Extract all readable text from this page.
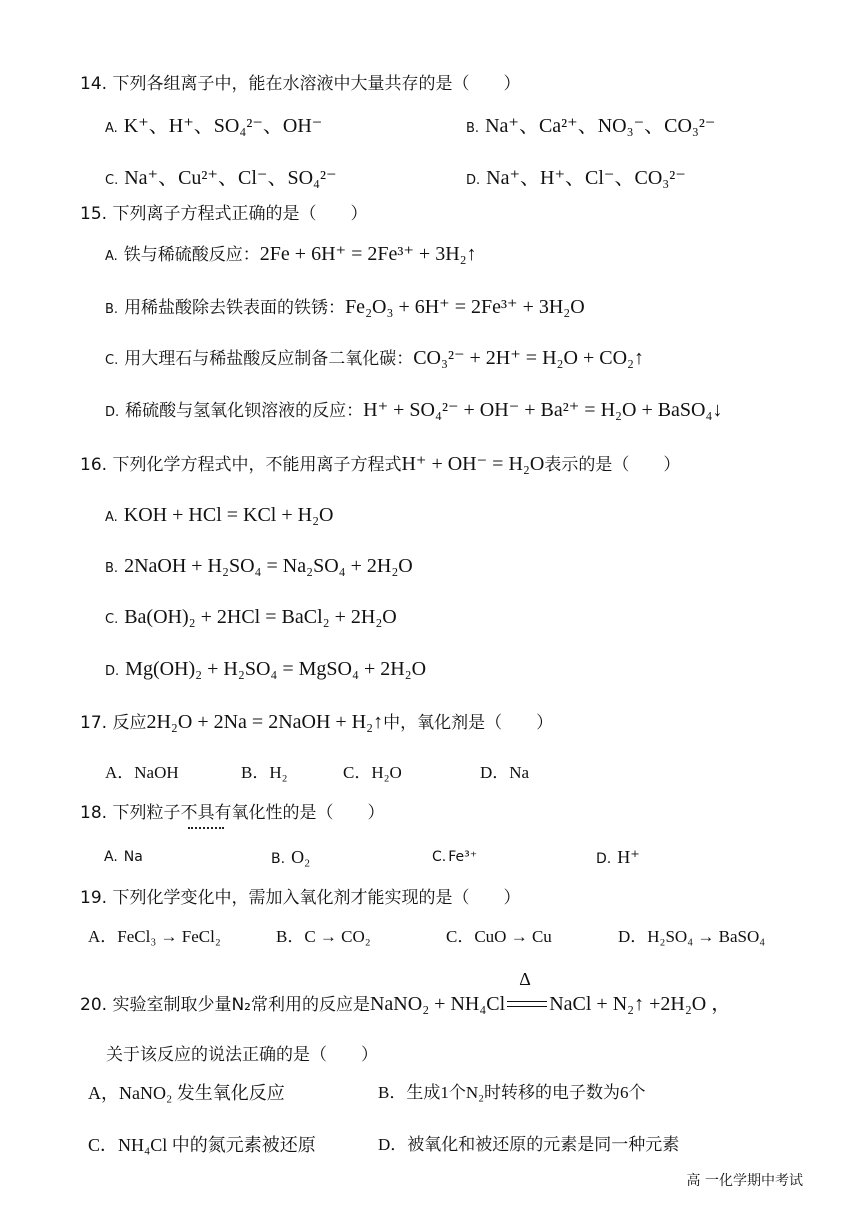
14. 下列各组离子中，能在水溶液中大量共存的是（　　）
A. K⁺、H⁺、SO₄²⁻、OH⁻	B. Na⁺、Ca²⁺、NO₃⁻、CO₃²⁻
C. Na⁺、Cu²⁺、Cl⁻、SO₄²⁻	D. Na⁺、H⁺、Cl⁻、CO₃²⁻
15. 下列离子方程式正确的是（　　）
A. 铁与稀硫酸反应：2Fe + 6H⁺ = 2Fe³⁺ + 3H₂↑
B. 用稀盐酸除去铁表面的铁锈：Fe₂O₃ + 6H⁺ = 2Fe³⁺ + 3H₂O
C. 用大理石与稀盐酸反应制备二氧化碳：CO₃²⁻ + 2H⁺ = H₂O + CO₂↑
D. 稀硫酸与氢氧化钡溶液的反应：H⁺ + SO₄²⁻ + OH⁻ + Ba²⁺ = H₂O + BaSO₄↓
16. 下列化学方程式中，不能用离子方程式H⁺ + OH⁻ = H₂O表示的是（　　）
A. KOH + HCl = KCl + H₂O
B. 2NaOH + H₂SO₄ = Na₂SO₄ + 2H₂O
C. Ba(OH)₂ + 2HCl = BaCl₂ + 2H₂O
D. Mg(OH)₂ + H₂SO₄ = MgSO₄ + 2H₂O
17. 反应2H₂O + 2Na = 2NaOH + H₂↑中，氧化剂是（　　）
A．NaOH	B．H₂	C．H₂O	D．Na
18. 下列粒子不具有氧化性的是（　　）
A. Na	B. O₂	C. Fe³⁺	D. H⁺
19. 下列化学变化中，需加入氧化剂才能实现的是（　　）
A．FeCl₃ → FeCl₂	B．C → CO₂	C．CuO → Cu	D．H₂SO₄ → BaSO₄
20. 实验室制取少量N₂常利用的反应是NaNO₂ + NH₄Cl
Δ
NaCl + N₂↑ +2H₂O ，
关于该反应的说法正确的是（　　）
A，NaNO₂ 发生氧化反应	B．生成1个N₂时转移的电子数为6个
C．NH₄Cl 中的氮元素被还原	D．被氧化和被还原的元素是同一种元素
高 一化学期中考试
